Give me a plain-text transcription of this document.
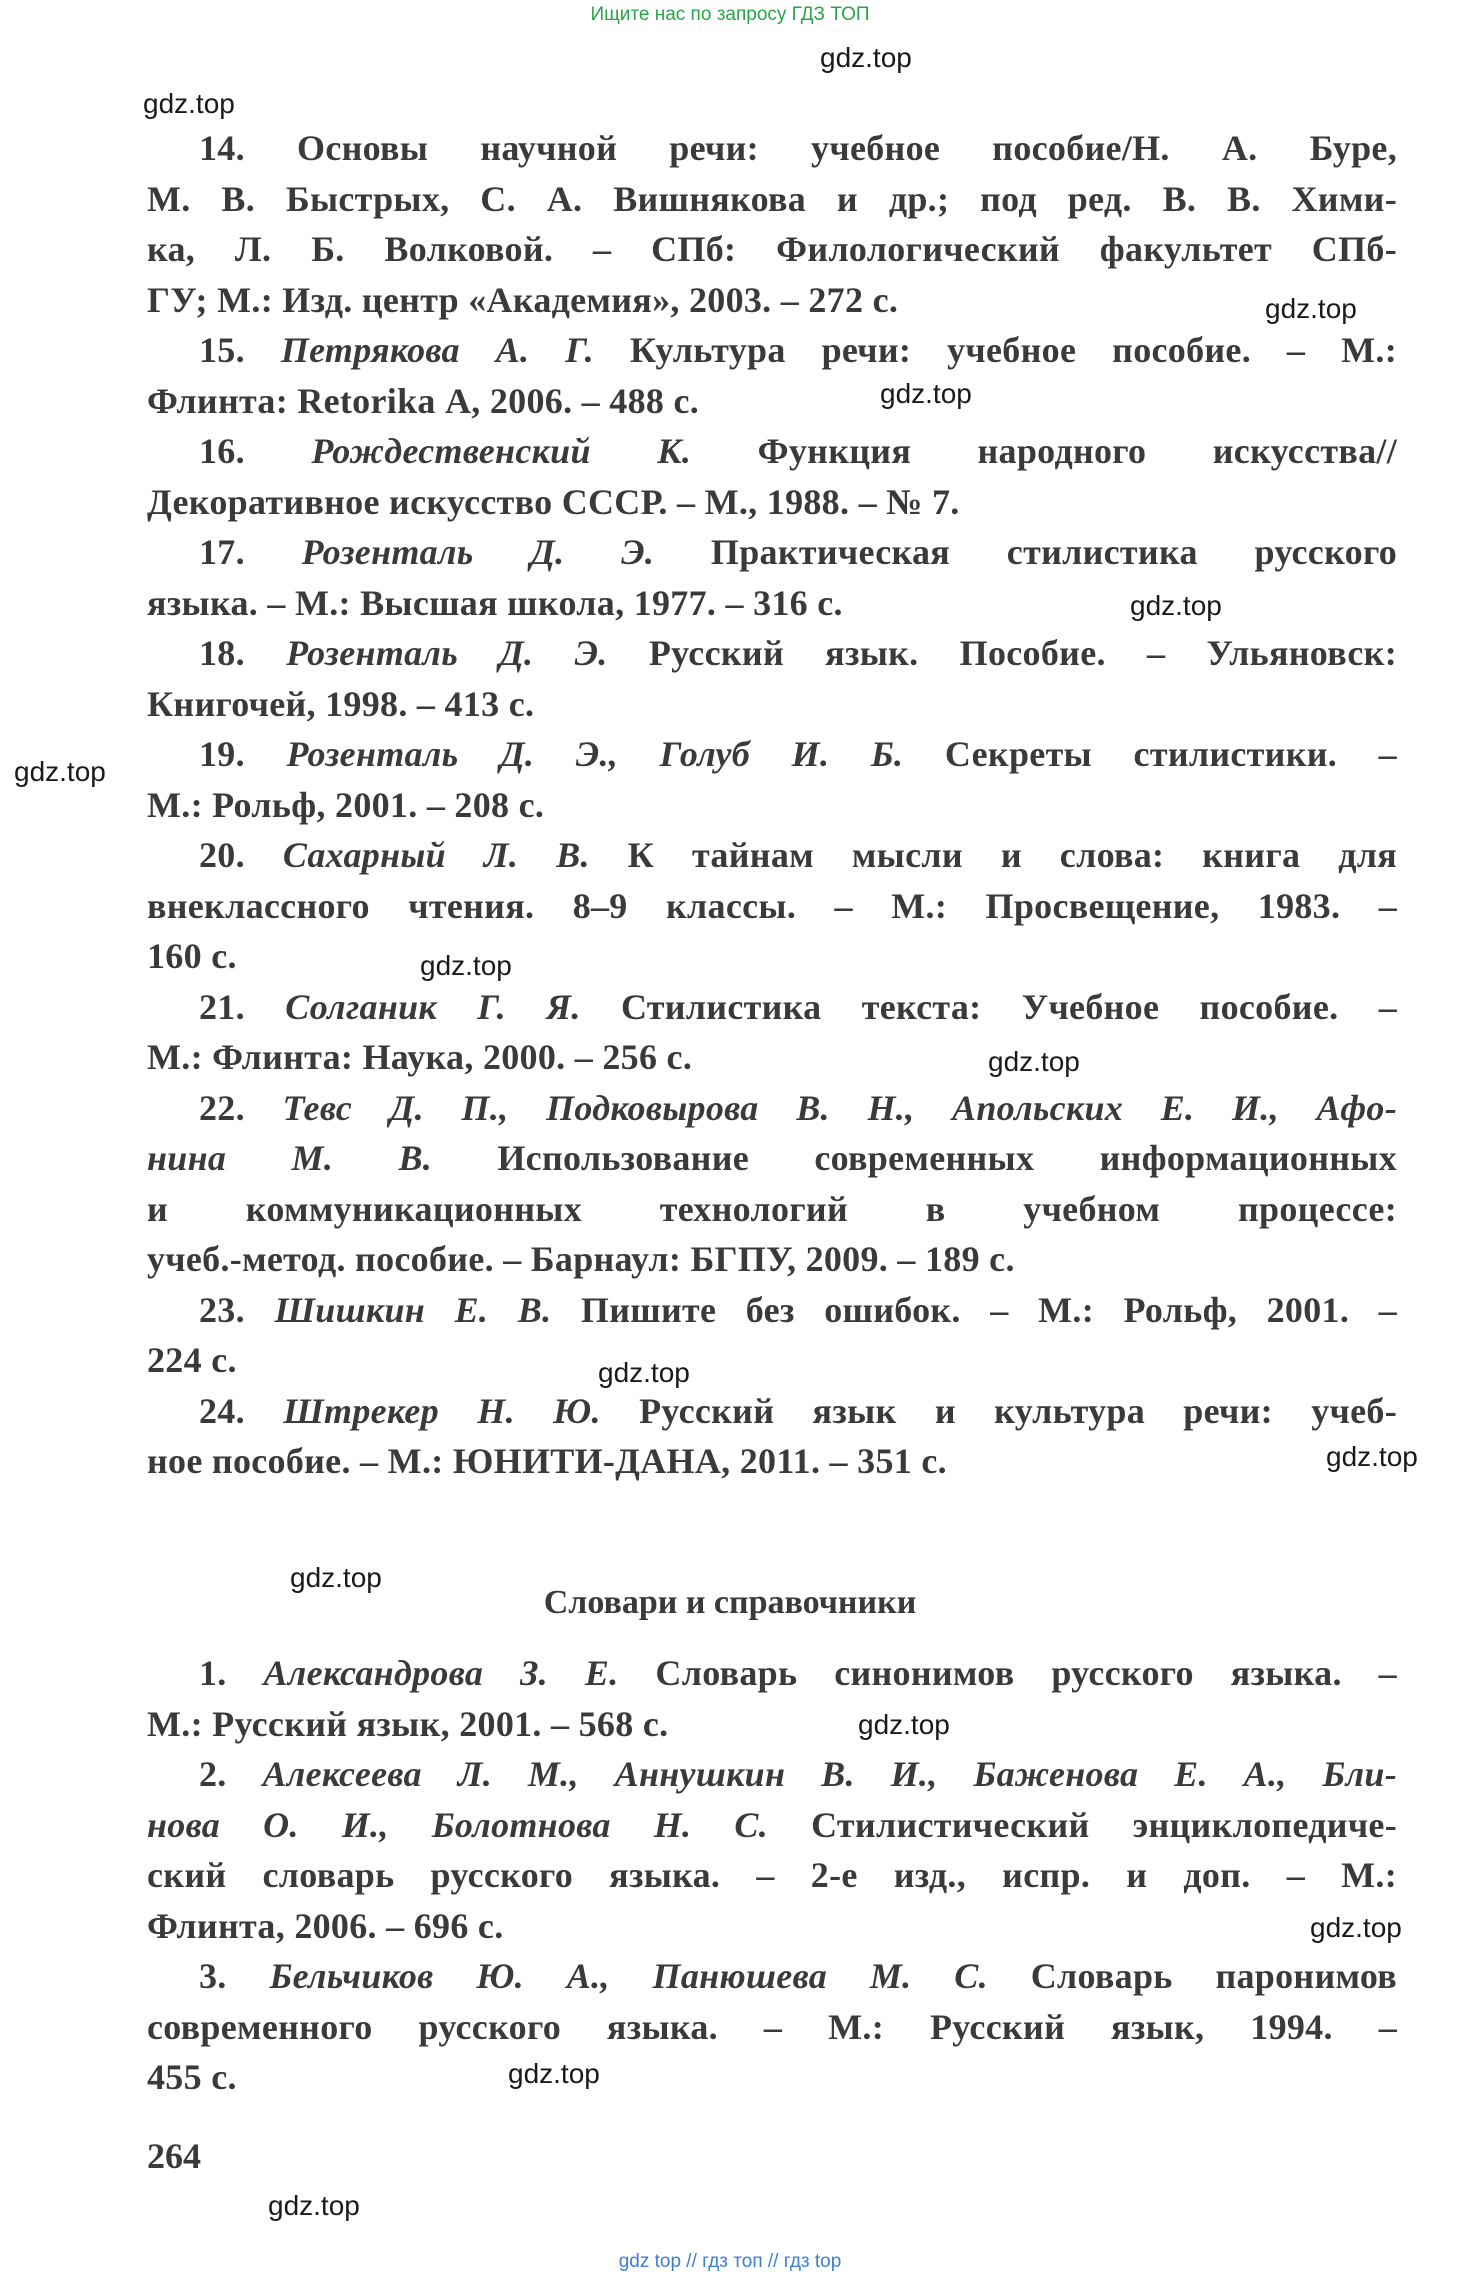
Ищите нас по запросу ГДЗ ТОП
gdz.top
gdz.top
gdz.top
gdz.top
gdz.top
gdz.top
gdz.top
gdz.top
gdz.top
gdz.top
gdz.top
gdz.top
gdz.top
gdz.top
gdz.top
14. Основы научной речи: учебное пособие/Н. А. Буре,
М. В. Быстрых, С. А. Вишнякова и др.; под ред. В. В. Хими-
ка, Л. Б. Волковой. – СПб: Филологический факультет СПб-
ГУ; М.: Изд. центр «Академия», 2003. – 272 с.
15. Петрякова А. Г. Культура речи: учебное пособие. – М.:
Флинта: Retorika А, 2006. – 488 с.
16. Рождественский К. Функция народного искусства//
Декоративное искусство СССР. – М., 1988. – № 7.
17. Розенталь Д. Э. Практическая стилистика русского
языка. – М.: Высшая школа, 1977. – 316 с.
18. Розенталь Д. Э. Русский язык. Пособие. – Ульяновск:
Книгочей, 1998. – 413 с.
19. Розенталь Д. Э., Голуб И. Б. Секреты стилистики. –
М.: Рольф, 2001. – 208 с.
20. Сахарный Л. В. К тайнам мысли и слова: книга для
внеклассного чтения. 8–9 классы. – М.: Просвещение, 1983. –
160 с.
21. Солганик Г. Я. Стилистика текста: Учебное пособие. –
М.: Флинта: Наука, 2000. – 256 с.
22. Тевс Д. П., Подковырова В. Н., Апольских Е. И., Афо-
нина М. В. Использование современных информационных
и коммуникационных технологий в учебном процессе:
учеб.-метод. пособие. – Барнаул: БГПУ, 2009. – 189 с.
23. Шишкин Е. В. Пишите без ошибок. – М.: Рольф, 2001. –
224 с.
24. Штрекер Н. Ю. Русский язык и культура речи: учеб-
ное пособие. – М.: ЮНИТИ-ДАНА, 2011. – 351 с.
Словари и справочники
1. Александрова З. Е. Словарь синонимов русского языка. –
М.: Русский язык, 2001. – 568 с.
2. Алексеева Л. М., Аннушкин В. И., Баженова Е. А., Бли-
нова О. И., Болотнова Н. С. Стилистический энциклопедиче-
ский словарь русского языка. – 2-е изд., испр. и доп. – М.:
Флинта, 2006. – 696 с.
3. Бельчиков Ю. А., Панюшева М. С. Словарь паронимов
современного русского языка. – М.: Русский язык, 1994. –
455 с.
264
gdz top // гдз топ // гдз top
